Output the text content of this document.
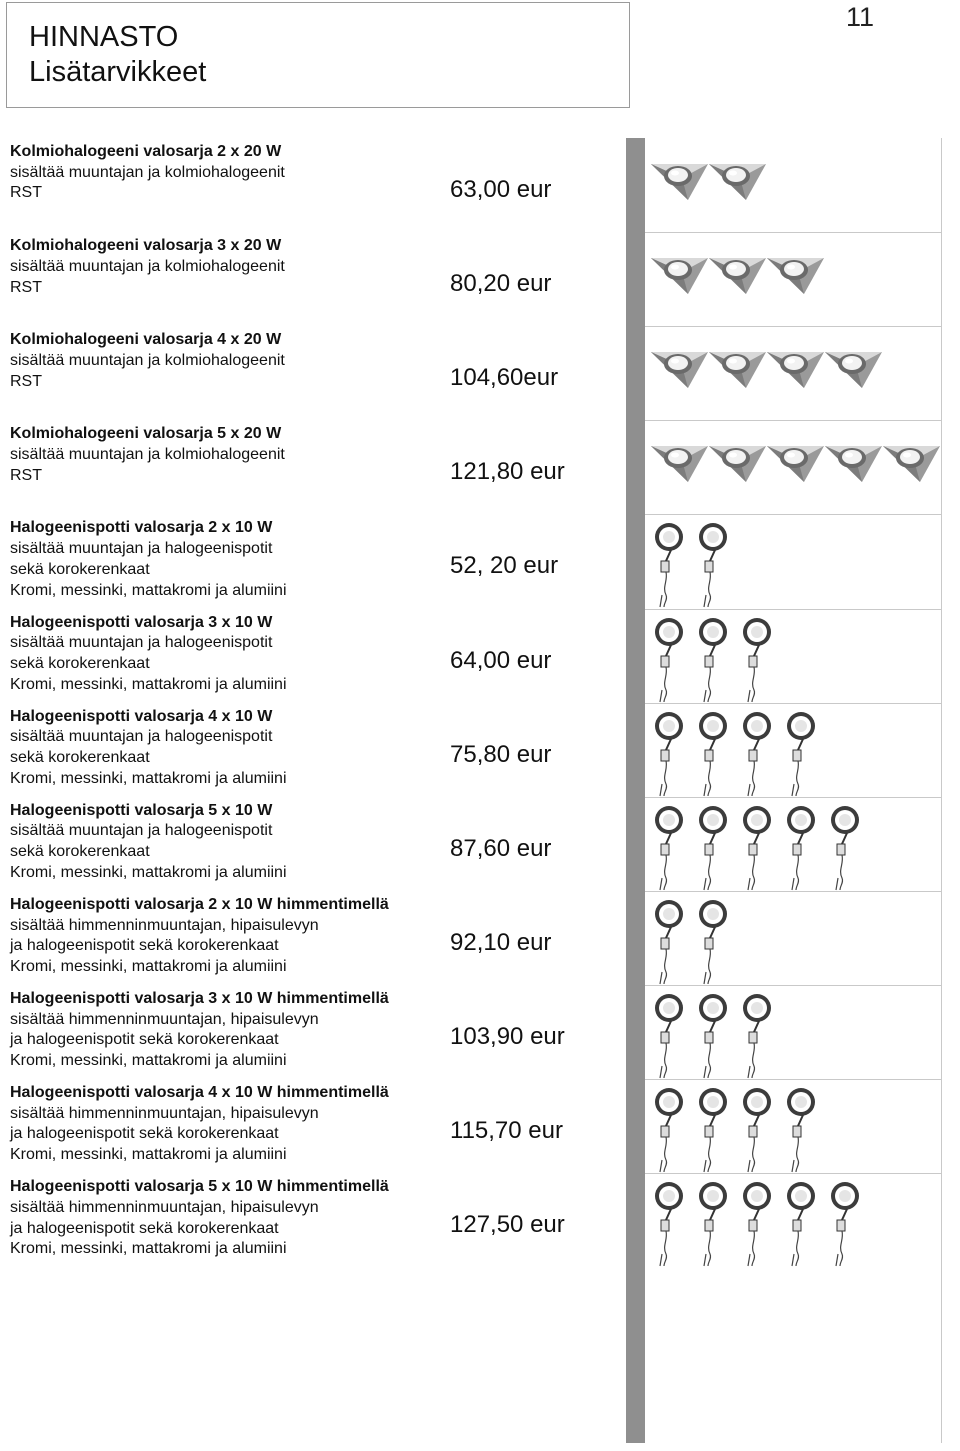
HINNASTO
Lisätarvikkeet
11
Kolmiohalogeeni valosarja 2 x 20 W
sisältää muuntajan ja kolmiohalogeenit
RST	63,00 eur
Kolmiohalogeeni valosarja 3 x 20 W
sisältää muuntajan ja kolmiohalogeenit
RST	80,20 eur
Kolmiohalogeeni valosarja 4 x 20 W
sisältää muuntajan ja kolmiohalogeenit
RST	104,60eur
Kolmiohalogeeni valosarja 5 x 20 W
sisältää muuntajan ja kolmiohalogeenit
RST	121,80 eur
Halogeenispotti valosarja 2 x 10 W
sisältää muuntajan ja halogeenispotit
sekä korokerenkaat
Kromi, messinki, mattakromi ja alumiini
52, 20 eur
Halogeenispotti valosarja 3 x 10 W
sisältää muuntajan ja halogeenispotit
sekä korokerenkaat
Kromi, messinki, mattakromi ja alumiini
64,00 eur
Halogeenispotti valosarja 4 x 10 W
sisältää muuntajan ja halogeenispotit
sekä korokerenkaat
Kromi, messinki, mattakromi ja alumiini
75,80 eur
Halogeenispotti valosarja 5 x 10 W
sisältää muuntajan ja halogeenispotit
sekä korokerenkaat
Kromi, messinki, mattakromi ja alumiini
87,60 eur
Halogeenispotti valosarja 2 x 10 W himmentimellä
sisältää himmenninmuuntajan, hipaisulevyn
ja halogeenispotit sekä korokerenkaat
Kromi, messinki, mattakromi ja alumiini
92,10 eur
Halogeenispotti valosarja 3 x 10 W himmentimellä
sisältää himmenninmuuntajan, hipaisulevyn
ja halogeenispotit sekä korokerenkaat
Kromi, messinki, mattakromi ja alumiini
103,90 eur
Halogeenispotti valosarja 4 x 10 W himmentimellä
sisältää himmenninmuuntajan, hipaisulevyn
ja halogeenispotit sekä korokerenkaat
Kromi, messinki, mattakromi ja alumiini
115,70 eur
Halogeenispotti valosarja 5 x 10 W himmentimellä
sisältää himmenninmuuntajan, hipaisulevyn
ja halogeenispotit sekä korokerenkaat
Kromi, messinki, mattakromi ja alumiini
127,50 eur
